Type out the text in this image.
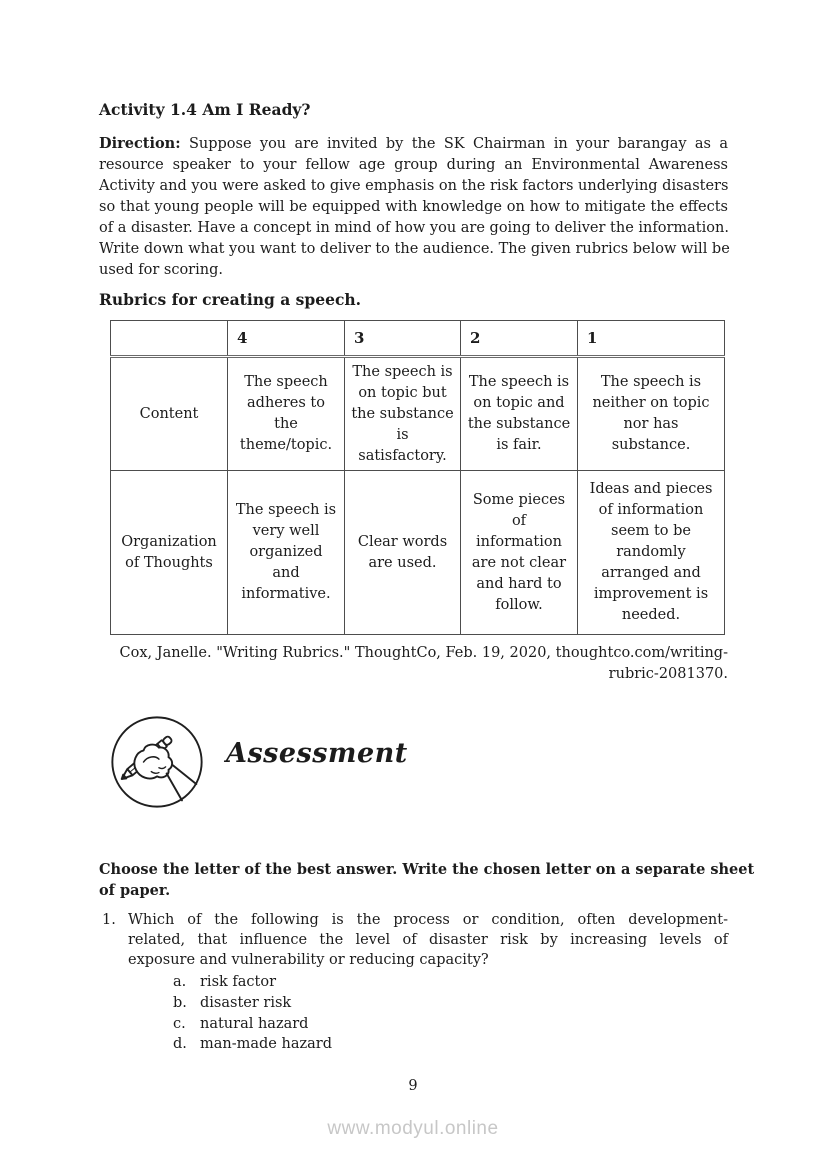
Activity 1.4 Am I Ready?
Direction: Suppose you are invited by the SK Chairman in your barangay as a
resource speaker to your fellow age group during an Environmental Awareness
Activity and you were asked to give emphasis on the risk factors underlying disasters
so that young people will be equipped with knowledge on how to mitigate the effects
of a disaster. Have a concept in mind of how you are going to deliver the information.
Write down what you want to deliver to the audience. The given rubrics below will be
used for scoring.
Rubrics for creating a speech.
	4	3	2	1
Content	The speech adheres to the theme/topic.	The speech is on topic but the substance is satisfactory.	The speech is on topic and the substance is fair.	The speech is neither on topic nor has substance.
Organization of Thoughts	The speech is very well organized and informative.	Clear words are used.	Some pieces of information are not clear and hard to follow.	Ideas and pieces of information seem to be randomly arranged and improvement is needed.
Cox, Janelle. "Writing Rubrics." ThoughtCo, Feb. 19, 2020, thoughtco.com/writing-
rubric-2081370.
Assessment
Choose the letter of the best answer. Write the chosen letter on a separate sheet
of paper.
1. Which of the following is the process or condition, often development-
related, that influence the level of disaster risk by increasing levels of
exposure and vulnerability or reducing capacity?
a. risk factor
b. disaster risk
c. natural hazard
d. man-made hazard
9
www.modyul.online
